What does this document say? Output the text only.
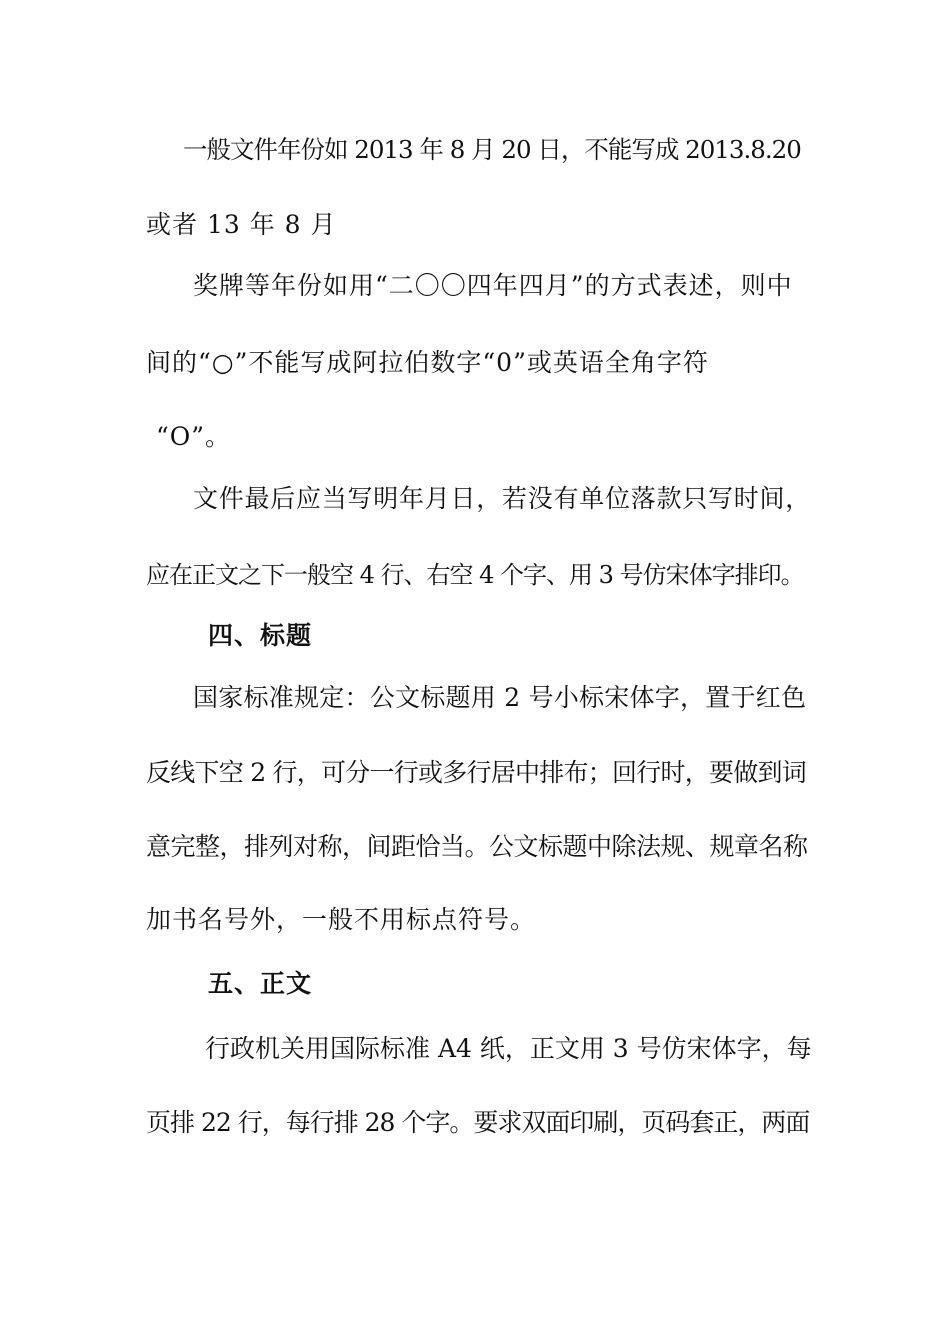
一般文件年份如 2013 年 8 月 20 日，不能写成 2013.8.20
或者 13 年 8 月
奖牌等年份如用“二〇〇四年四月”的方式表述，则中
间的“○”不能写成阿拉伯数字“0”或英语全角字符
“O”。
文件最后应当写明年月日，若没有单位落款只写时间，
应在正文之下一般空 4 行、右空 4 个字、用 3 号仿宋体字排印。
四、标题
国家标准规定：公文标题用 2 号小标宋体字，置于红色
反线下空 2 行，可分一行或多行居中排布；回行时，要做到词
意完整，排列对称，间距恰当。公文标题中除法规、规章名称
加书名号外，一般不用标点符号。
五、正文
行政机关用国际标准 A4 纸，正文用 3 号仿宋体字，每
页排 22 行，每行排 28 个字。要求双面印刷，页码套正，两面
